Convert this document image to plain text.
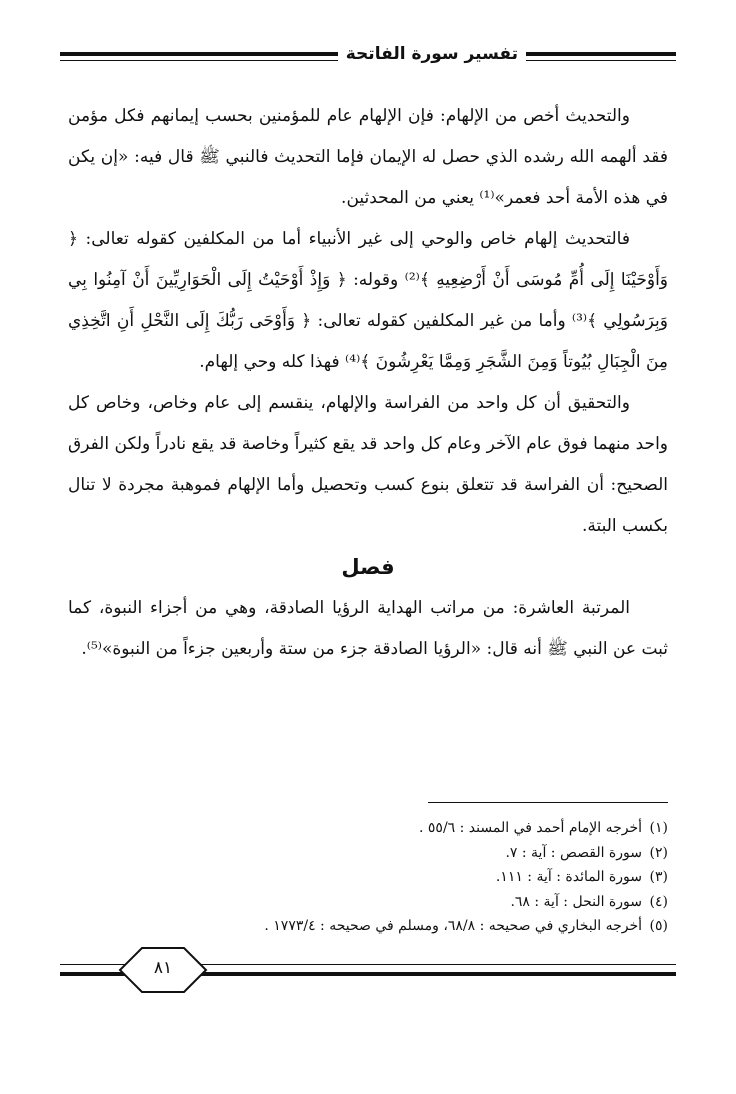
تفسير سورة الفاتحة

والتحديث أخص من الإلهام: فإن الإلهام عام للمؤمنين بحسب إيمانهم فكل مؤمن فقد ألهمه الله رشده الذي حصل له الإيمان فإما التحديث فالنبي ﷺ قال فيه: «إن يكن في هذه الأمة أحد فعمر»⁽¹⁾ يعني من المحدثين.

فالتحديث إلهام خاص والوحي إلى غير الأنبياء أما من المكلفين كقوله تعالى: ﴿ وَأَوْحَيْنَا إِلَى أُمِّ مُوسَى أَنْ أَرْضِعِيهِ ﴾⁽²⁾ وقوله: ﴿ وَإِذْ أَوْحَيْتُ إِلَى الْحَوَارِيِّينَ أَنْ آمِنُوا بِي وَبِرَسُولِي ﴾⁽³⁾ وأما من غير المكلفين كقوله تعالى: ﴿ وَأَوْحَى رَبُّكَ إِلَى النَّحْلِ أَنِ اتَّخِذِي مِنَ الْجِبَالِ بُيُوتاً وَمِنَ الشَّجَرِ وَمِمَّا يَعْرِشُونَ ﴾⁽⁴⁾ فهذا كله وحي إلهام.

والتحقيق أن كل واحد من الفراسة والإلهام، ينقسم إلى عام وخاص، وخاص كل واحد منهما فوق عام الآخر وعام كل واحد قد يقع كثيراً وخاصة قد يقع نادراً ولكن الفرق الصحيح: أن الفراسة قد تتعلق بنوع كسب وتحصيل وأما الإلهام فموهبة مجردة لا تنال بكسب البتة.

فصل

المرتبة العاشرة: من مراتب الهداية الرؤيا الصادقة، وهي من أجزاء النبوة، كما ثبت عن النبي ﷺ أنه قال: «الرؤيا الصادقة جزء من ستة وأربعين جزءاً من النبوة»⁽⁵⁾.

(١)أخرجه الإمام أحمد في المسند : ٥٥/٦ .
(٢)سورة القصص : آية : ٧.
(٣)سورة المائدة : آية : ١١١.
(٤)سورة النحل : آية : ٦٨.
(٥)أخرجه البخاري في صحيحه : ٦٨/٨، ومسلم في صحيحه : ١٧٧٣/٤ .
٨١
